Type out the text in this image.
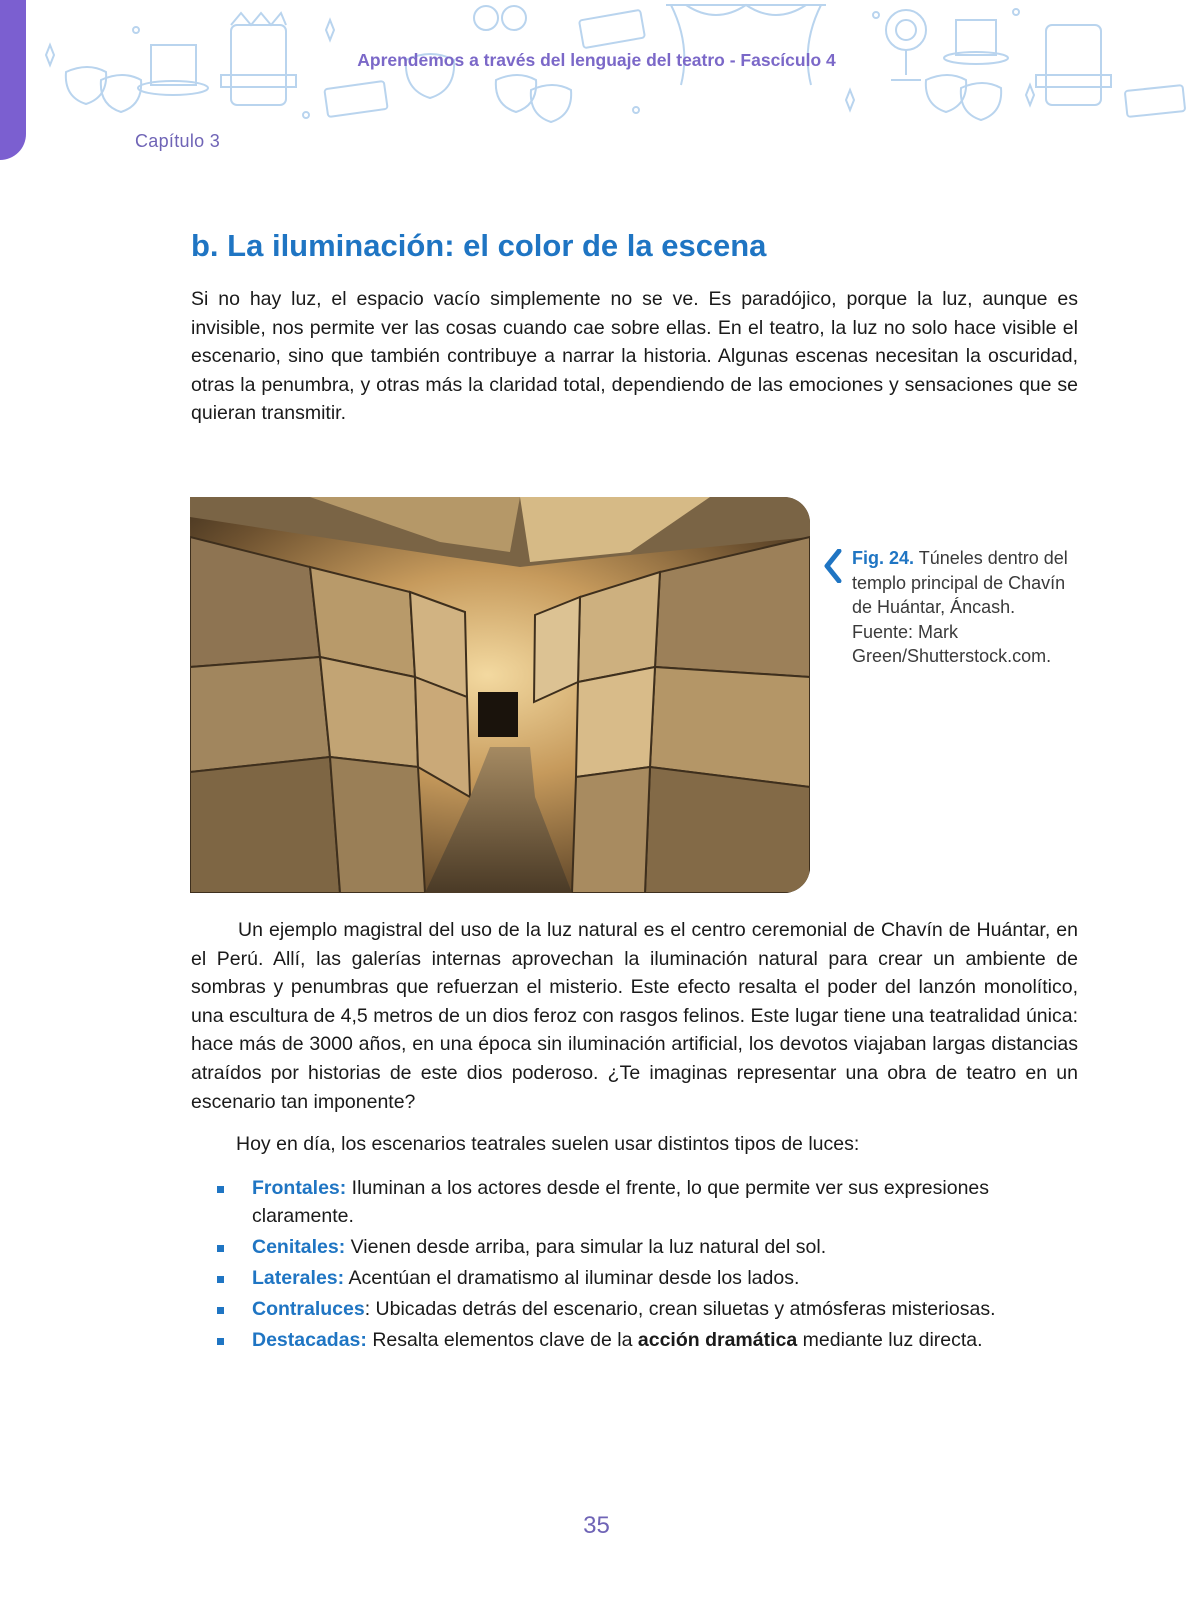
Aprendemos a través del lenguaje del teatro - Fascículo 4
Capítulo 3
b. La iluminación: el color de la escena

Si no hay luz, el espacio vacío simplemente no se ve. Es paradójico, porque la luz, aunque es invisible, nos permite ver las cosas cuando cae sobre ellas. En el teatro, la luz no solo hace visible el escenario, sino que también contribuye a narrar la historia. Algunas escenas necesitan la oscuridad, otras la penumbra, y otras más la claridad total, dependiendo de las emociones y sensaciones que se quieran transmitir.

Fig. 24. Túneles dentro del templo principal de Chavín de Huántar, Áncash. Fuente: Mark Green/Shutterstock.com.

Un ejemplo magistral del uso de la luz natural es el centro ceremonial de Chavín de Huántar, en el Perú. Allí, las galerías internas aprovechan la iluminación natural para crear un ambiente de sombras y penumbras que refuerzan el misterio. Este efecto resalta el poder del lanzón monolítico, una escultura de 4,5 metros de un dios feroz con rasgos felinos. Este lugar tiene una teatralidad única: hace más de 3000 años, en una época sin iluminación artificial, los devotos viajaban largas distancias atraídos por historias de este dios poderoso. ¿Te imaginas representar una obra de teatro en un escenario tan imponente?

Hoy en día, los escenarios teatrales suelen usar distintos tipos de luces:

Frontales: Iluminan a los actores desde el frente, lo que permite ver sus expresiones claramente.
Cenitales: Vienen desde arriba, para simular la luz natural del sol.
Laterales: Acentúan el dramatismo al iluminar desde los lados.
Contraluces: Ubicadas detrás del escenario, crean siluetas y atmósferas misteriosas.
Destacadas: Resalta elementos clave de la acción dramática mediante luz directa.
35
